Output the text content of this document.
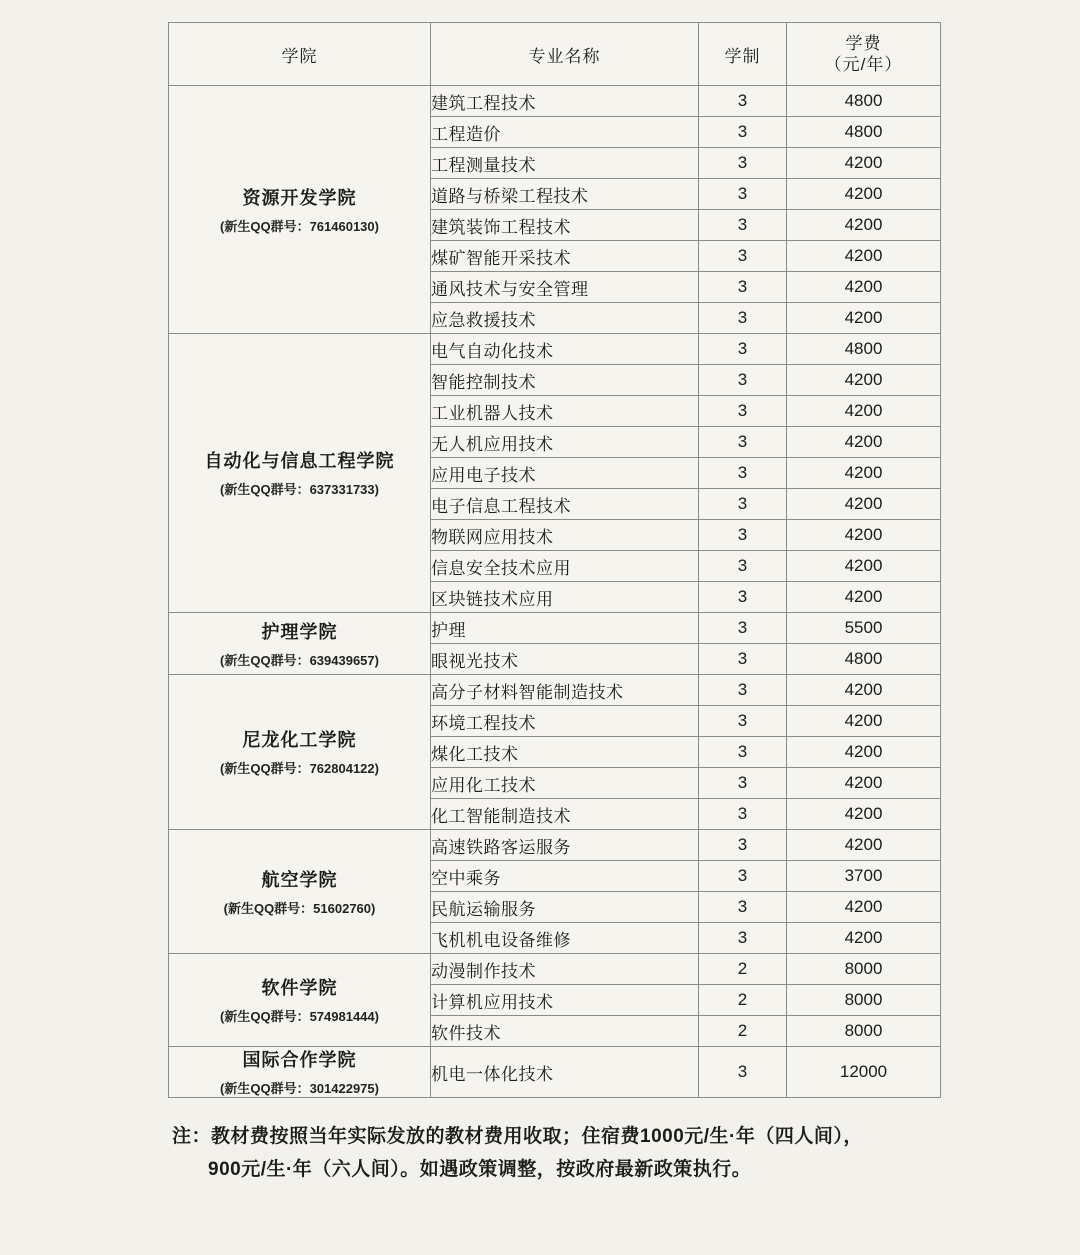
学院	专业名称	学制	学费
（元/年）

资源开发学院
(新生QQ群号：761460130)	建筑工程技术	3	4800
	工程造价	3	4800
	工程测量技术	3	4200
	道路与桥梁工程技术	3	4200
	建筑装饰工程技术	3	4200
	煤矿智能开采技术	3	4200
	通风技术与安全管理	3	4200
	应急救援技术	3	4200

自动化与信息工程学院
(新生QQ群号：637331733)	电气自动化技术	3	4800
	智能控制技术	3	4200
	工业机器人技术	3	4200
	无人机应用技术	3	4200
	应用电子技术	3	4200
	电子信息工程技术	3	4200
	物联网应用技术	3	4200
	信息安全技术应用	3	4200
	区块链技术应用	3	4200

护理学院
(新生QQ群号：639439657)	护理	3	5500
	眼视光技术	3	4800

尼龙化工学院
(新生QQ群号：762804122)	高分子材料智能制造技术	3	4200
	环境工程技术	3	4200
	煤化工技术	3	4200
	应用化工技术	3	4200
	化工智能制造技术	3	4200

航空学院
(新生QQ群号：51602760)	高速铁路客运服务	3	4200
	空中乘务	3	3700
	民航运输服务	3	4200
	飞机机电设备维修	3	4200

软件学院
(新生QQ群号：574981444)	动漫制作技术	2	8000
	计算机应用技术	2	8000
	软件技术	2	8000

国际合作学院
(新生QQ群号：301422975)	机电一体化技术	3	12000
注：教材费按照当年实际发放的教材费用收取；住宿费1000元/生·年（四人间），
900元/生·年（六人间）。如遇政策调整，按政府最新政策执行。
